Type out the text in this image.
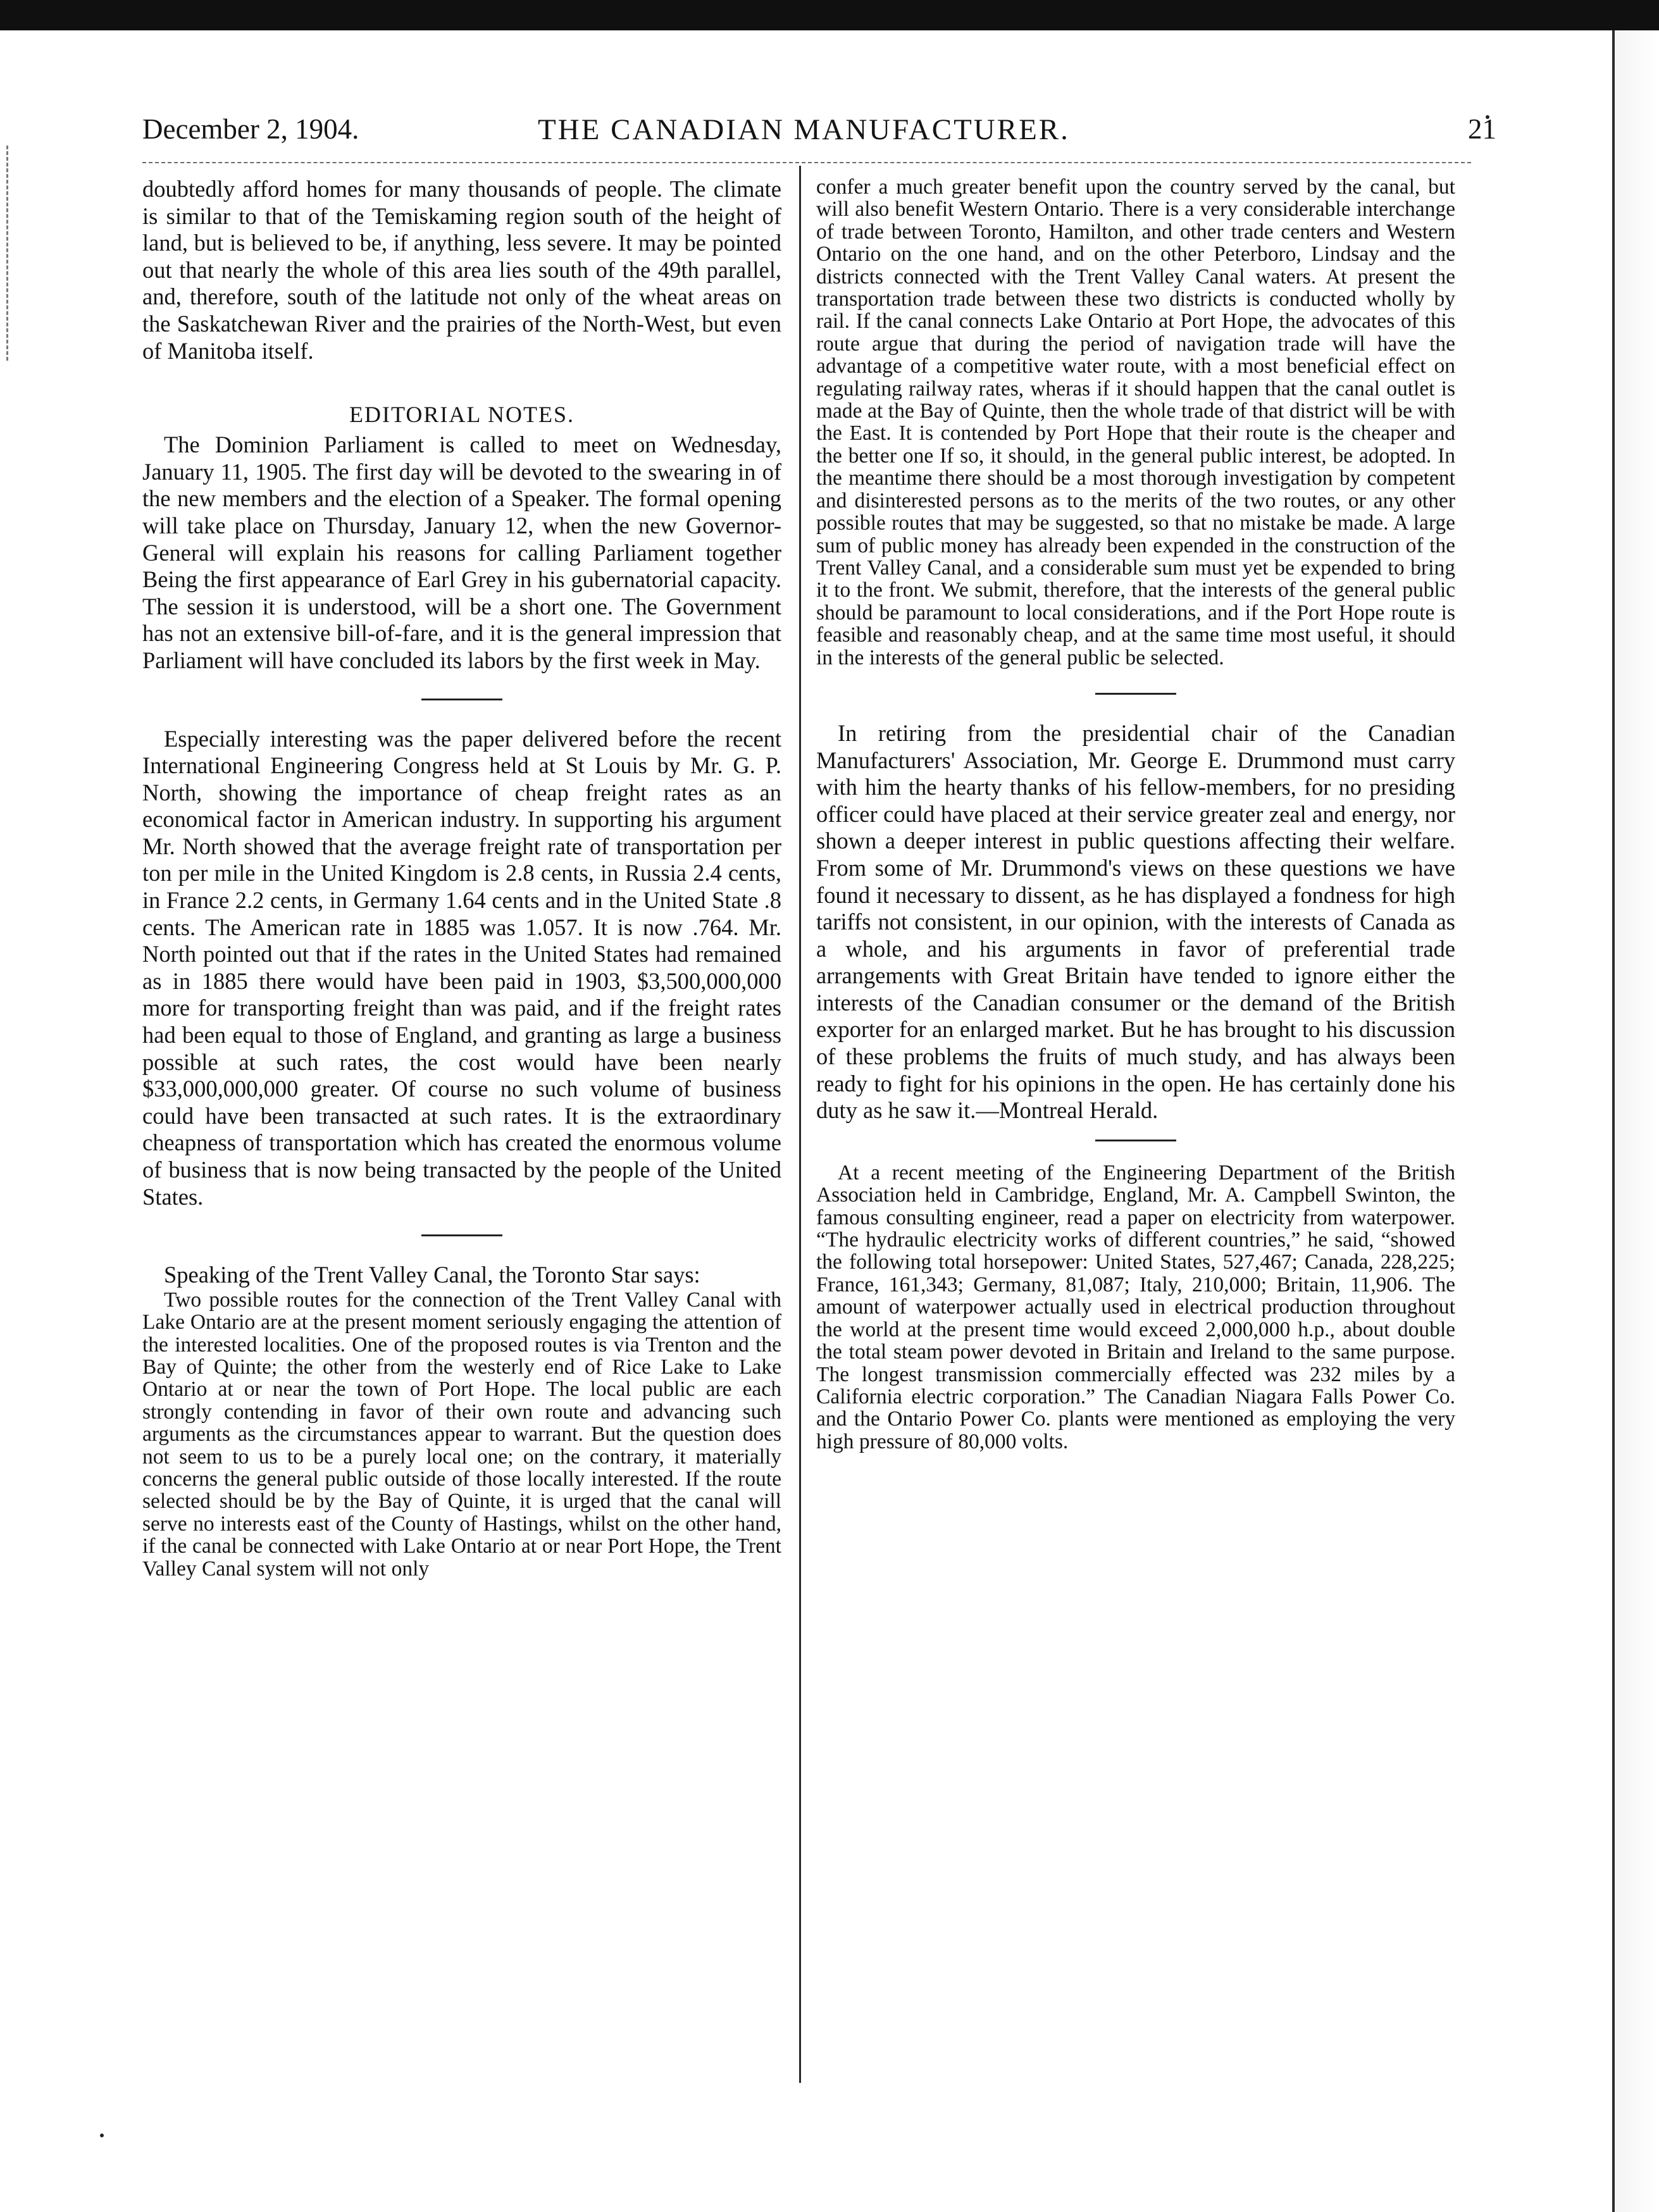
December 2, 1904.	THE CANADIAN MANUFACTURER.	21

doubtedly afford homes for many thousands of people. The climate is similar to that of the Temiskaming region south of the height of land, but is believed to be, if anything, less severe. It may be pointed out that nearly the whole of this area lies south of the 49th parallel, and, therefore, south of the latitude not only of the wheat areas on the Saskatchewan River and the prairies of the North-West, but even of Manitoba itself.

EDITORIAL NOTES.

The Dominion Parliament is called to meet on Wednesday, January 11, 1905. The first day will be devoted to the swearing in of the new members and the election of a Speaker. The formal opening will take place on Thursday, January 12, when the new Governor-General will explain his reasons for calling Parliament together Being the first appearance of Earl Grey in his gubernatorial capacity. The session it is understood, will be a short one. The Government has not an extensive bill-of-fare, and it is the general impression that Parliament will have concluded its labors by the first week in May.

Especially interesting was the paper delivered before the recent International Engineering Congress held at St Louis by Mr. G. P. North, showing the importance of cheap freight rates as an economical factor in American industry. In supporting his argument Mr. North showed that the average freight rate of transportation per ton per mile in the United Kingdom is 2.8 cents, in Russia 2.4 cents, in France 2.2 cents, in Germany 1.64 cents and in the United State .8 cents. The American rate in 1885 was 1.057. It is now .764. Mr. North pointed out that if the rates in the United States had remained as in 1885 there would have been paid in 1903, $3,500,000,000 more for transporting freight than was paid, and if the freight rates had been equal to those of England, and granting as large a business possible at such rates, the cost would have been nearly $33,000,000,000 greater. Of course no such volume of business could have been transacted at such rates. It is the extraordinary cheapness of transportation which has created the enormous volume of business that is now being transacted by the people of the United States.

Speaking of the Trent Valley Canal, the Toronto Star says:

Two possible routes for the connection of the Trent Valley Canal with Lake Ontario are at the present moment seriously engaging the attention of the interested localities. One of the proposed routes is via Trenton and the Bay of Quinte; the other from the westerly end of Rice Lake to Lake Ontario at or near the town of Port Hope. The local public are each strongly contending in favor of their own route and advancing such arguments as the circumstances appear to warrant. But the question does not seem to us to be a purely local one; on the contrary, it materially concerns the general public outside of those locally interested. If the route selected should be by the Bay of Quinte, it is urged that the canal will serve no interests east of the County of Hastings, whilst on the other hand, if the canal be connected with Lake Ontario at or near Port Hope, the Trent Valley Canal system will not only

confer a much greater benefit upon the country served by the canal, but will also benefit Western Ontario. There is a very considerable interchange of trade between Toronto, Hamilton, and other trade centers and Western Ontario on the one hand, and on the other Peterboro, Lindsay and the districts connected with the Trent Valley Canal waters. At present the transportation trade between these two districts is conducted wholly by rail. If the canal connects Lake Ontario at Port Hope, the advocates of this route argue that during the period of navigation trade will have the advantage of a competitive water route, with a most beneficial effect on regulating railway rates, wheras if it should happen that the canal outlet is made at the Bay of Quinte, then the whole trade of that district will be with the East. It is contended by Port Hope that their route is the cheaper and the better one If so, it should, in the general public interest, be adopted. In the meantime there should be a most thorough investigation by competent and disinterested persons as to the merits of the two routes, or any other possible routes that may be suggested, so that no mistake be made. A large sum of public money has already been expended in the construction of the Trent Valley Canal, and a considerable sum must yet be expended to bring it to the front. We submit, therefore, that the interests of the general public should be paramount to local considerations, and if the Port Hope route is feasible and reasonably cheap, and at the same time most useful, it should in the interests of the general public be selected.

In retiring from the presidential chair of the Canadian Manufacturers' Association, Mr. George E. Drummond must carry with him the hearty thanks of his fellow-members, for no presiding officer could have placed at their service greater zeal and energy, nor shown a deeper interest in public questions affecting their welfare. From some of Mr. Drummond's views on these questions we have found it necessary to dissent, as he has displayed a fondness for high tariffs not consistent, in our opinion, with the interests of Canada as a whole, and his arguments in favor of preferential trade arrangements with Great Britain have tended to ignore either the interests of the Canadian consumer or the demand of the British exporter for an enlarged market. But he has brought to his discussion of these problems the fruits of much study, and has always been ready to fight for his opinions in the open. He has certainly done his duty as he saw it.—Montreal Herald.

At a recent meeting of the Engineering Department of the British Association held in Cambridge, England, Mr. A. Campbell Swinton, the famous consulting engineer, read a paper on electricity from waterpower. “The hydraulic electricity works of different countries,” he said, “showed the following total horsepower: United States, 527,467; Canada, 228,225; France, 161,343; Germany, 81,087; Italy, 210,000; Britain, 11,906. The amount of waterpower actually used in electrical production throughout the world at the present time would exceed 2,000,000 h.p., about double the total steam power devoted in Britain and Ireland to the same purpose. The longest transmission commercially effected was 232 miles by a California electric corporation.” The Canadian Niagara Falls Power Co. and the Ontario Power Co. plants were mentioned as employing the very high pressure of 80,000 volts.
